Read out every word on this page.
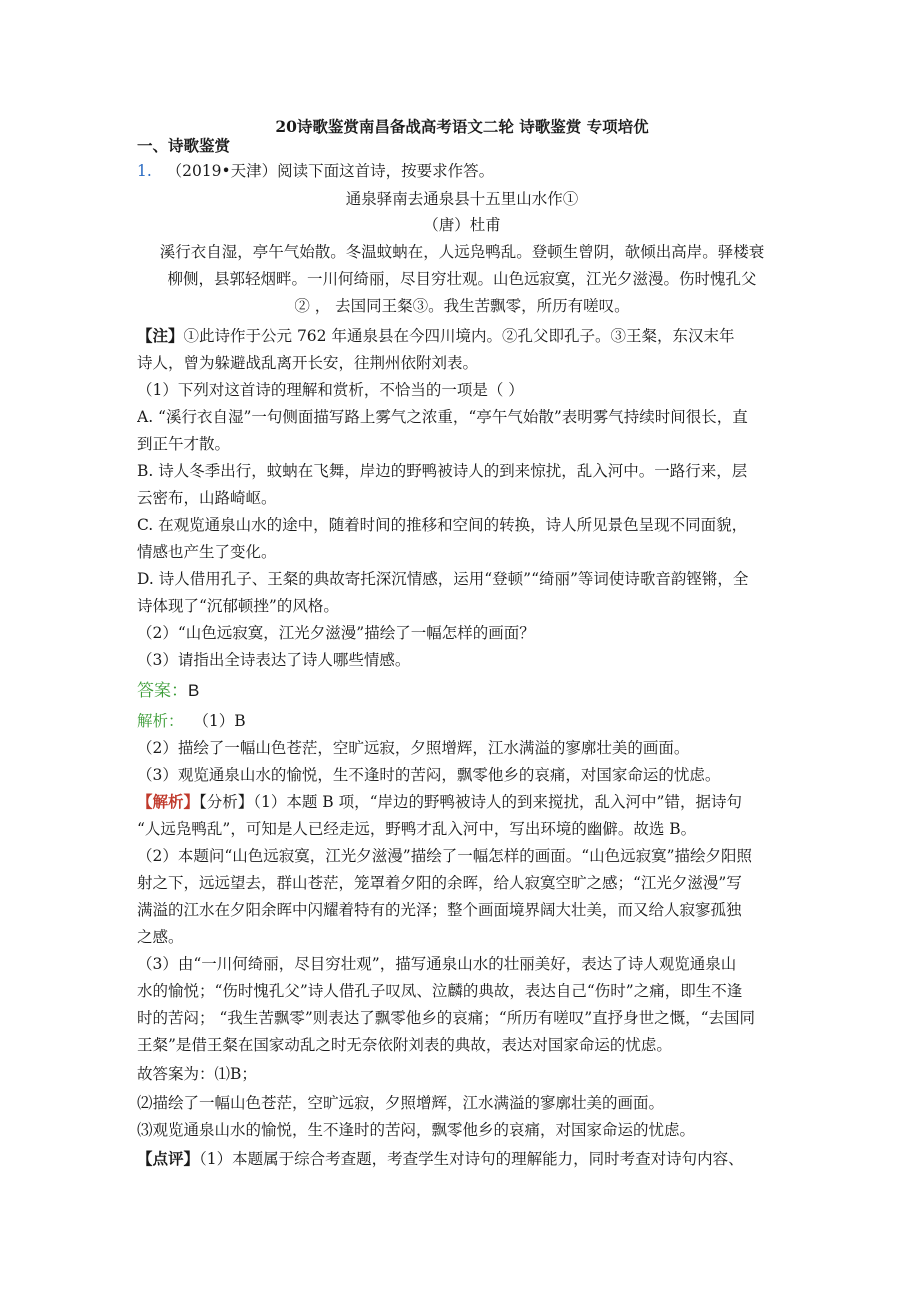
20诗歌鉴赏南昌备战高考语文二轮 诗歌鉴赏 专项培优
一、诗歌鉴赏
1. （2019•天津）阅读下面这首诗，按要求作答。
通泉驿南去通泉县十五里山水作①
（唐）杜甫
溪行衣自湿，亭午气始散。冬温蚊蚋在，人远凫鸭乱。登顿生曾阴，欹倾出高岸。驿楼衰
柳侧，县郭轻烟畔。一川何绮丽，尽目穷壮观。山色远寂寞，江光夕滋漫。伤时愧孔父
② ， 去国同王粲③。我生苦飘零，所历有嗟叹。
【注】①此诗作于公元 762 年通泉县在今四川境内。②孔父即孔子。③王粲，东汉末年
诗人，曾为躲避战乱离开长安，往荆州依附刘表。
（1）下列对这首诗的理解和赏析，不恰当的一项是（ ）
A. “溪行衣自湿”一句侧面描写路上雾气之浓重，“亭午气始散”表明雾气持续时间很长，直
到正午才散。
B. 诗人冬季出行，蚊蚋在飞舞，岸边的野鸭被诗人的到来惊扰，乱入河中。一路行来，层
云密布，山路崎岖。
C. 在观览通泉山水的途中，随着时间的推移和空间的转换，诗人所见景色呈现不同面貌，
情感也产生了变化。
D. 诗人借用孔子、王粲的典故寄托深沉情感，运用“登顿”“绮丽”等词使诗歌音韵铿锵，全
诗体现了“沉郁顿挫”的风格。
（2）“山色远寂寞，江光夕滋漫”描绘了一幅怎样的画面？
（3）请指出全诗表达了诗人哪些情感。
答案：B
解析： （1）B
（2）描绘了一幅山色苍茫，空旷远寂，夕照增辉，江水满溢的寥廓壮美的画面。
（3）观览通泉山水的愉悦，生不逢时的苦闷，飘零他乡的哀痛，对国家命运的忧虑。
【解析】【分析】（1）本题 B 项，“岸边的野鸭被诗人的到来搅扰，乱入河中”错，据诗句
“人远凫鸭乱”，可知是人已经走远，野鸭才乱入河中，写出环境的幽僻。故选 B。
（2）本题问“山色远寂寞，江光夕滋漫”描绘了一幅怎样的画面。“山色远寂寞”描绘夕阳照
射之下，远远望去，群山苍茫，笼罩着夕阳的余晖，给人寂寞空旷之感；“江光夕滋漫”写
满溢的江水在夕阳余晖中闪耀着特有的光泽；整个画面境界阔大壮美，而又给人寂寥孤独
之感。
（3）由“一川何绮丽，尽目穷壮观”，描写通泉山水的壮丽美好，表达了诗人观览通泉山
水的愉悦；“伤时愧孔父”诗人借孔子叹凤、泣麟的典故，表达自己“伤时”之痛，即生不逢
时的苦闷； “我生苦飘零”则表达了飘零他乡的哀痛；“所历有嗟叹”直抒身世之慨，“去国同
王粲”是借王粲在国家动乱之时无奈依附刘表的典故，表达对国家命运的忧虑。
故答案为：⑴B；
⑵描绘了一幅山色苍茫，空旷远寂，夕照增辉，江水满溢的寥廓壮美的画面。
⑶观览通泉山水的愉悦，生不逢时的苦闷，飘零他乡的哀痛，对国家命运的忧虑。
【点评】（1）本题属于综合考查题，考查学生对诗句的理解能力，同时考查对诗句内容、
